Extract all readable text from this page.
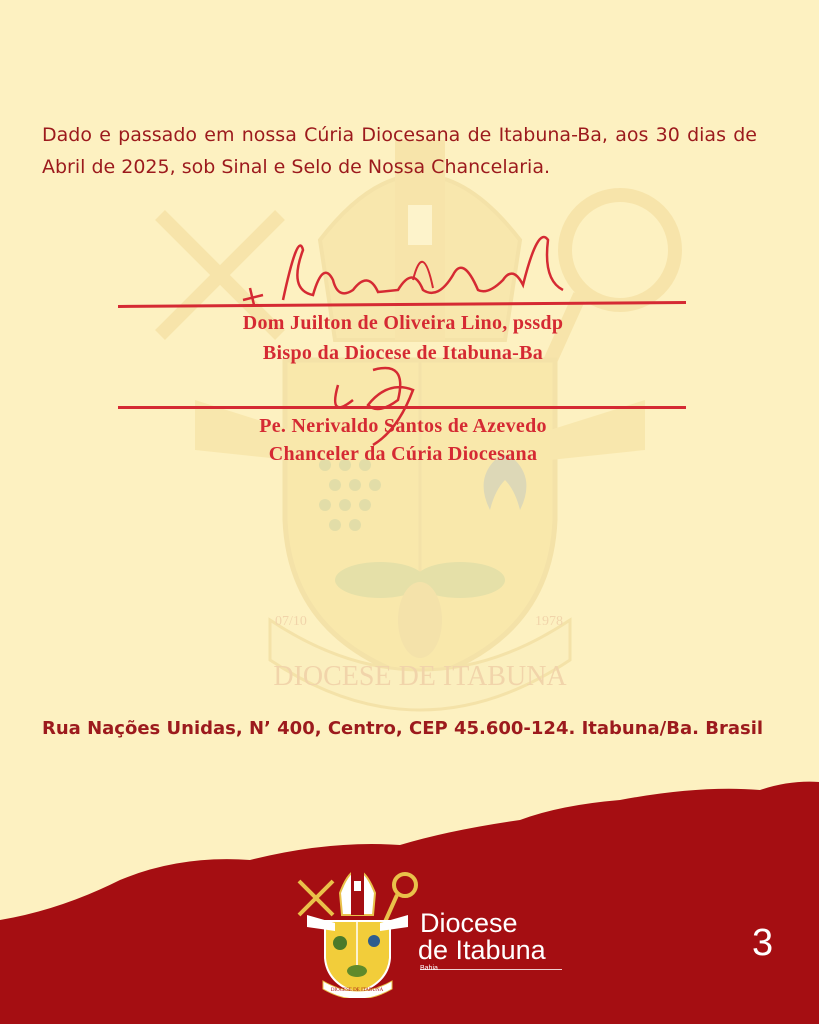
DIOCESE DE ITABUNA
07/10	1978

Dado e passado em nossa Cúria Diocesana de Itabuna-Ba, aos 30 dias de Abril de 2025, sob Sinal e Selo de Nossa Chancelaria.

Dom Juilton de Oliveira Lino, pssdp
Bispo da Diocese de Itabuna-Ba
Pe. Nerivaldo Santos de Azevedo
Chanceler da Cúria Diocesana
Rua Nações Unidas, N’ 400, Centro, CEP 45.600-124. Itabuna/Ba. Brasil
DIOCESE DE ITABUNA
Diocese
de Itabuna
Bahia
3
